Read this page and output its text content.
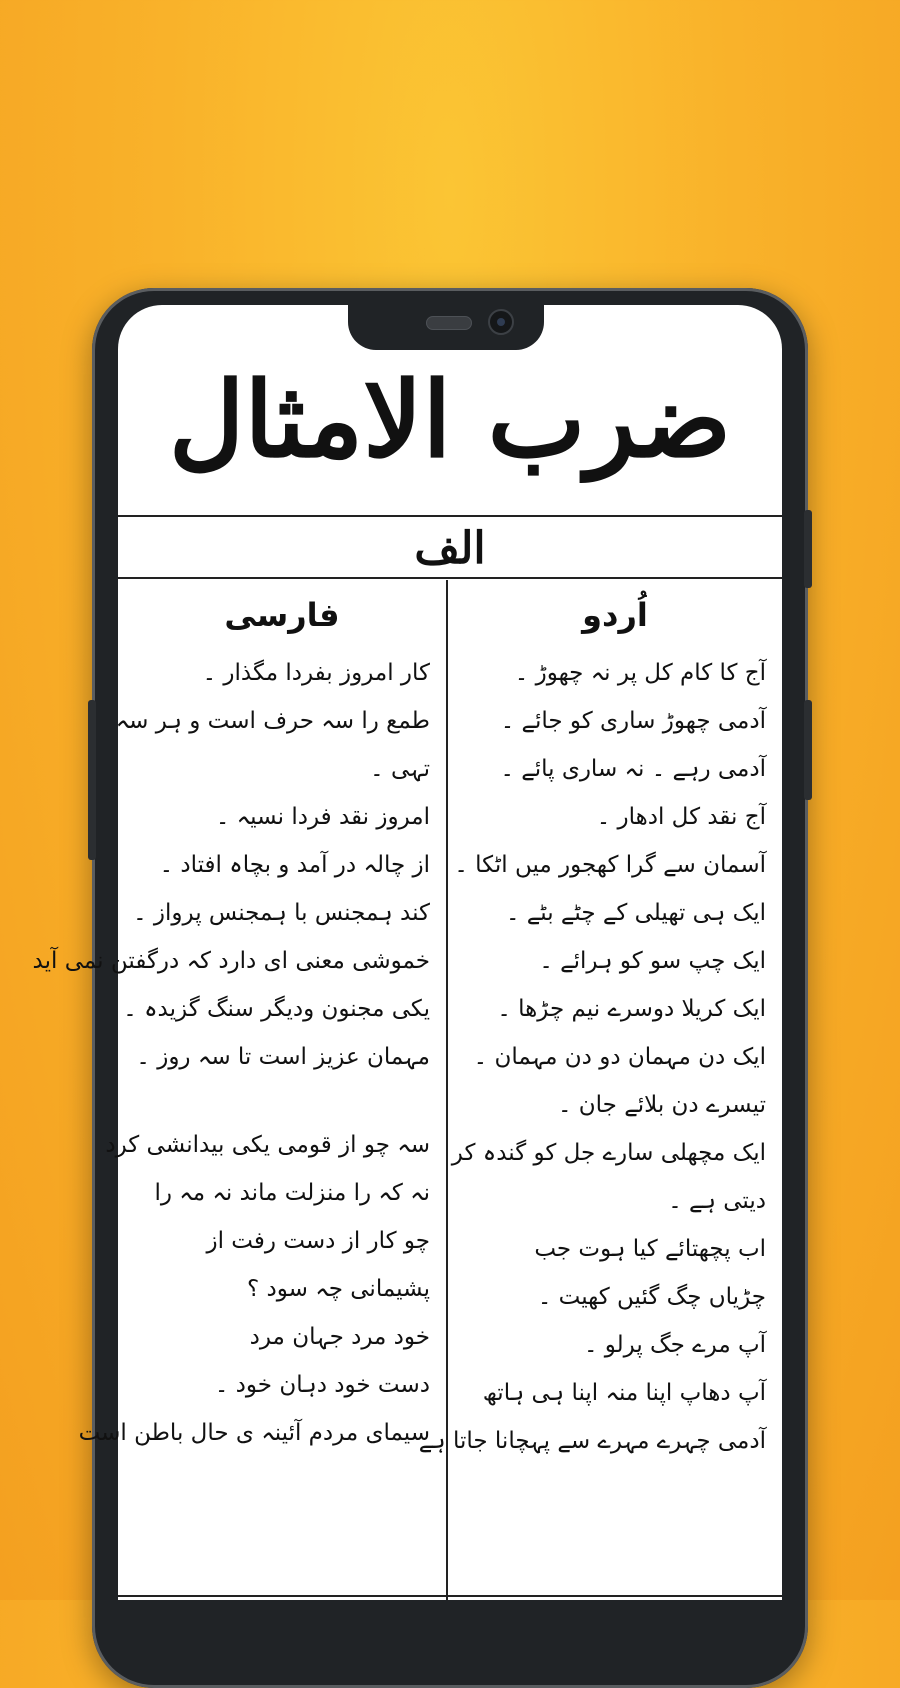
ضرب الامثال
الف
اُردو
آج کا کام کل پر نہ چھوڑ ۔
آدمی چھوڑ ساری کو جائے ۔
آدمی رہے ۔ نہ ساری پائے ۔
آج نقد کل ادھار ۔
آسمان سے گرا کھجور میں اٹکا ۔
ایک ہی تھیلی کے چٹے بٹے ۔
ایک چپ سو کو ہرائے ۔
ایک کریلا دوسرے نیم چڑھا ۔
ایک دن مہمان دو دن مہمان ۔
تیسرے دن بلائے جان ۔
ایک مچھلی سارے جل کو گندہ کر
دیتی ہے ۔
اب پچھتائے کیا ہوت جب
چڑیاں چگ گئیں کھیت ۔
آپ مرے جگ پرلو ۔
آپ دھاپ اپنا منہ اپنا ہی ہاتھ
آدمی چہرے مہرے سے پہچانا جاتا ہے
فارسی
کار امروز بفردا مگذار ۔
طمع را سہ حرف است و ہر سہ
تہی ۔
امروز نقد فردا نسیہ ۔
از چالہ در آمد و بچاہ افتاد ۔
کند ہمجنس با ہمجنس پرواز ۔
خموشی معنی ای دارد کہ درگفتن نمی آید
یکی مجنون ودیگر سنگ گزیدہ ۔
مہمان عزیز است تا سہ روز ۔
سہ چو از قومی یکی بیدانشی کرد
نہ کہ را منزلت ماند نہ مہ را
چو کار از دست رفت از
پشیمانی چہ سود ؟
خود مرد جہان مرد
دست خود دہان خود ۔
سیمای مردم آئینہ ی حال باطن است
